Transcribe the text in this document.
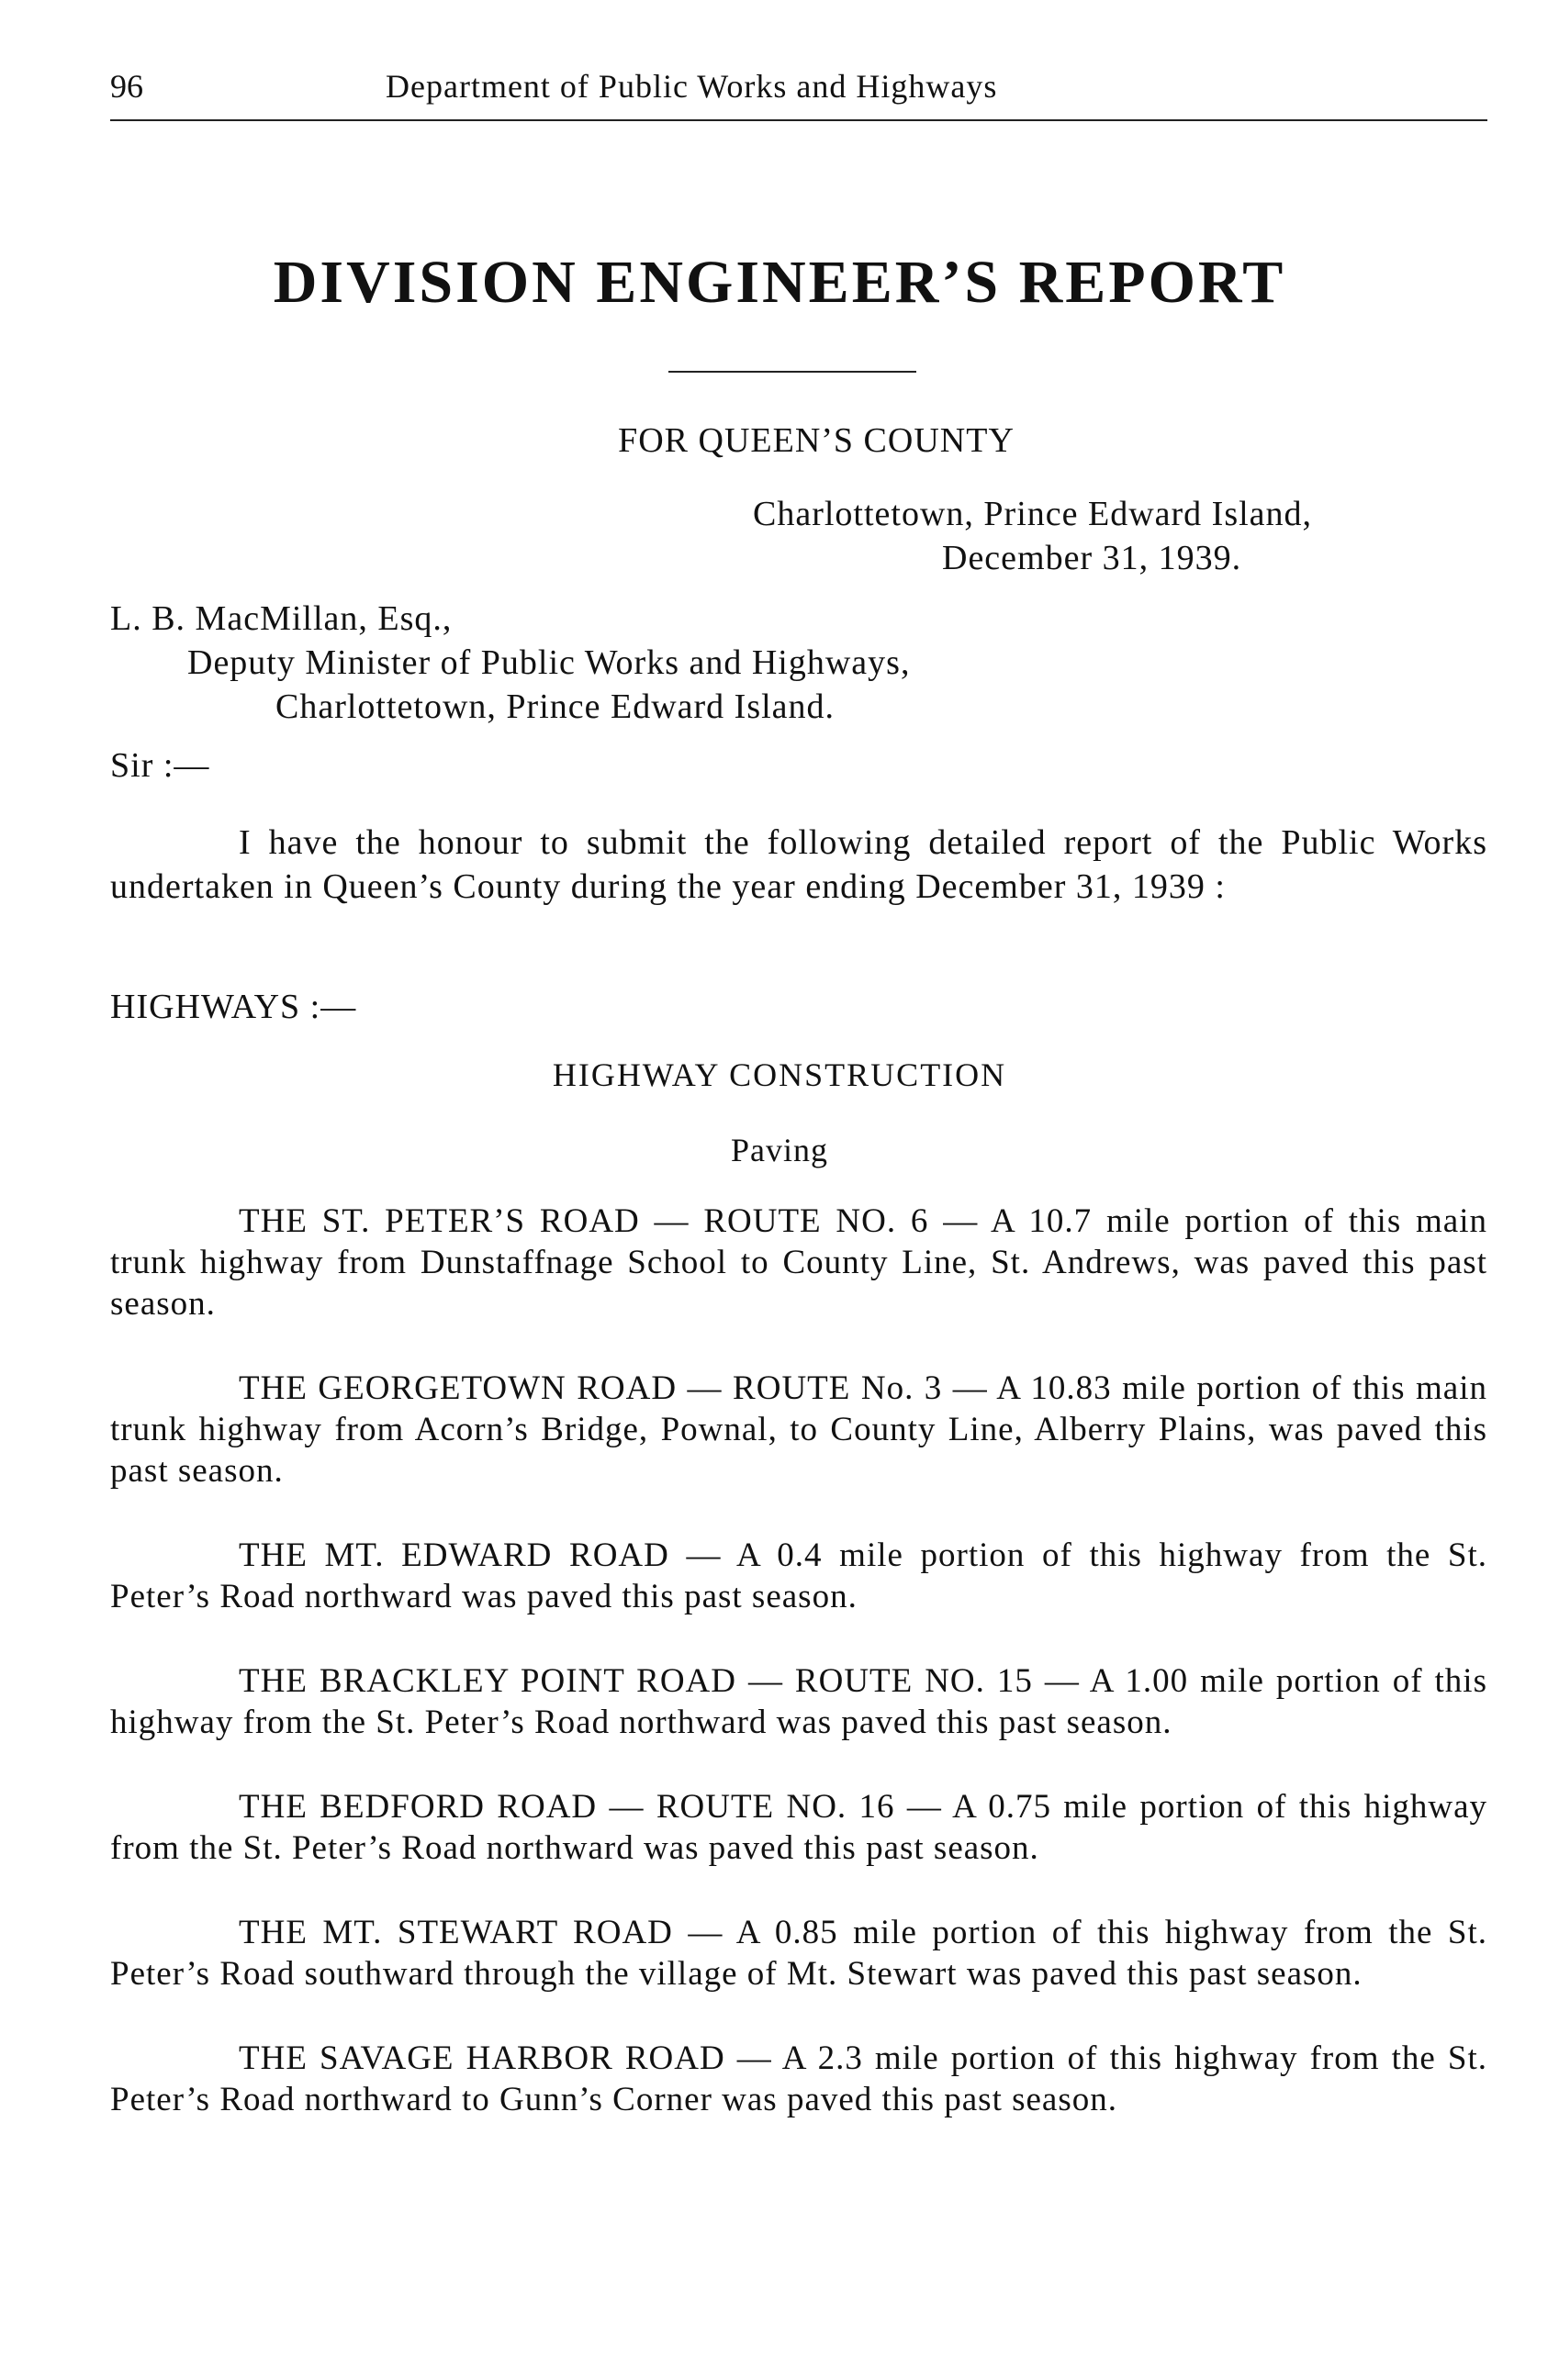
96	Department of Public Works and Highways
DIVISION ENGINEER’S REPORT
FOR QUEEN’S COUNTY
Charlottetown, Prince Edward Island,
December 31, 1939.
L. B. MacMillan, Esq.,
Deputy Minister of Public Works and Highways,
Charlottetown, Prince Edward Island.
Sir :—

I have the honour to submit the following detailed report of the Public Works undertaken in Queen’s County during the year ending December 31, 1939 :

HIGHWAYS :—
HIGHWAY CONSTRUCTION
Paving

THE ST. PETER’S ROAD — ROUTE NO. 6 — A 10.7 mile portion of this main trunk highway from Dunstaffnage School to County Line, St. Andrews, was paved this past season.

THE GEORGETOWN ROAD — ROUTE No. 3 — A 10.83 mile portion of this main trunk highway from Acorn’s Bridge, Pownal, to County Line, Alberry Plains, was paved this past season.

THE MT. EDWARD ROAD — A 0.4 mile portion of this highway from the St. Peter’s Road northward was paved this past season.

THE BRACKLEY POINT ROAD — ROUTE NO. 15 — A 1.00 mile portion of this highway from the St. Peter’s Road northward was paved this past season.

THE BEDFORD ROAD — ROUTE NO. 16 — A 0.75 mile portion of this highway from the St. Peter’s Road northward was paved this past season.

THE MT. STEWART ROAD — A 0.85 mile portion of this highway from the St. Peter’s Road southward through the village of Mt. Stewart was paved this past season.

THE SAVAGE HARBOR ROAD — A 2.3 mile portion of this highway from the St. Peter’s Road northward to Gunn’s Corner was paved this past season.
